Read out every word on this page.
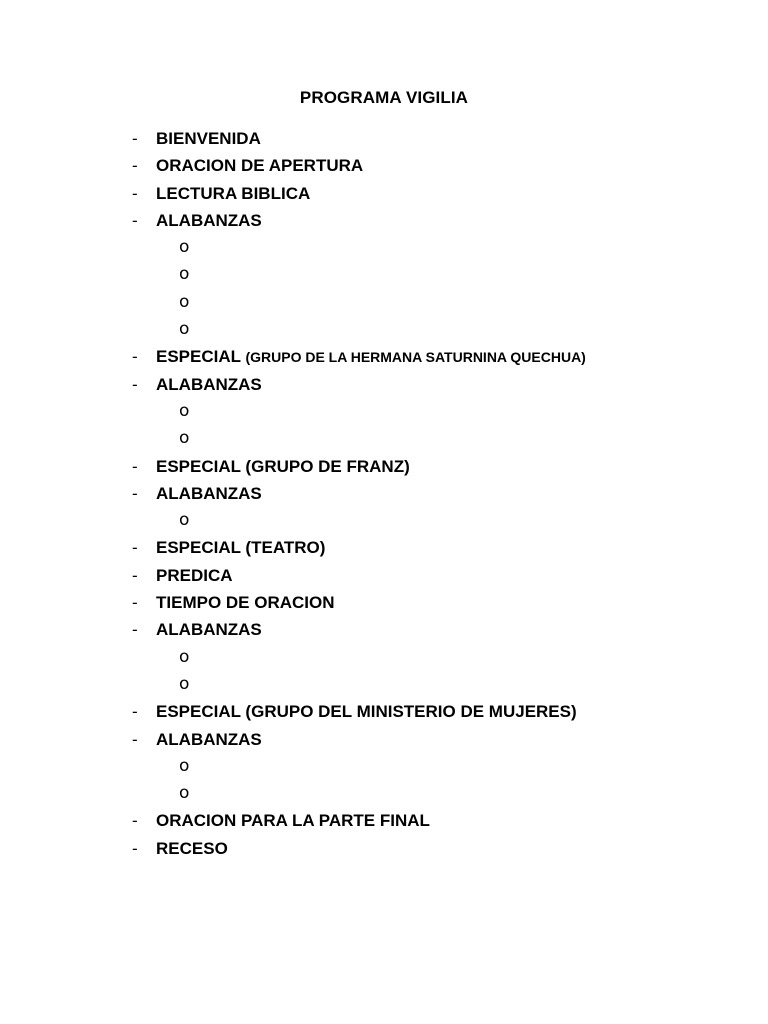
PROGRAMA VIGILIA
- BIENVENIDA
- ORACION DE APERTURA
- LECTURA BIBLICA
- ALABANZAS
o
o
o
o
- ESPECIAL (GRUPO DE LA HERMANA SATURNINA QUECHUA)
- ALABANZAS
o
o
- ESPECIAL (GRUPO DE FRANZ)
- ALABANZAS
o
- ESPECIAL (TEATRO)
- PREDICA
- TIEMPO DE ORACION
- ALABANZAS
o
o
- ESPECIAL (GRUPO DEL MINISTERIO DE MUJERES)
- ALABANZAS
o
o
- ORACION PARA LA PARTE FINAL
- RECESO
